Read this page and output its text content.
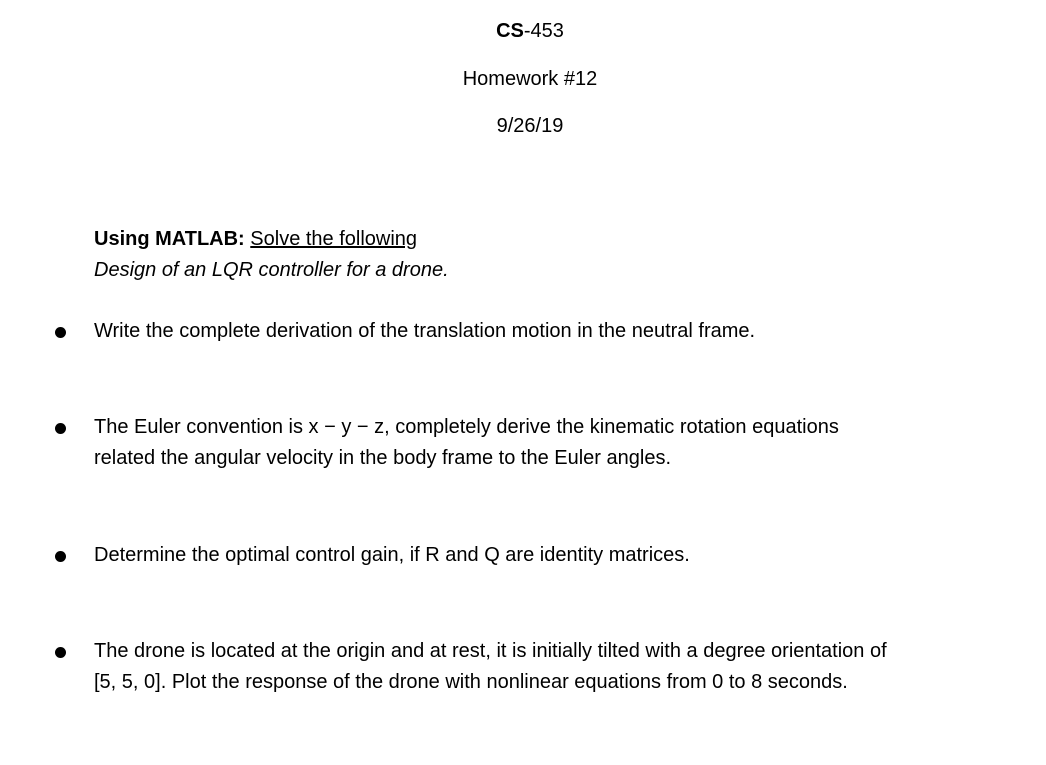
CS-453
Homework #12
9/26/19
Using MATLAB: Solve the following
Design of an LQR controller for a drone.
Write the complete derivation of the translation motion in the neutral frame.
The Euler convention is x − y − z, completely derive the kinematic rotation equations
related the angular velocity in the body frame to the Euler angles.
Determine the optimal control gain, if R and Q are identity matrices.
The drone is located at the origin and at rest, it is initially tilted with a degree orientation of
[5, 5, 0]. Plot the response of the drone with nonlinear equations from 0 to 8 seconds.
